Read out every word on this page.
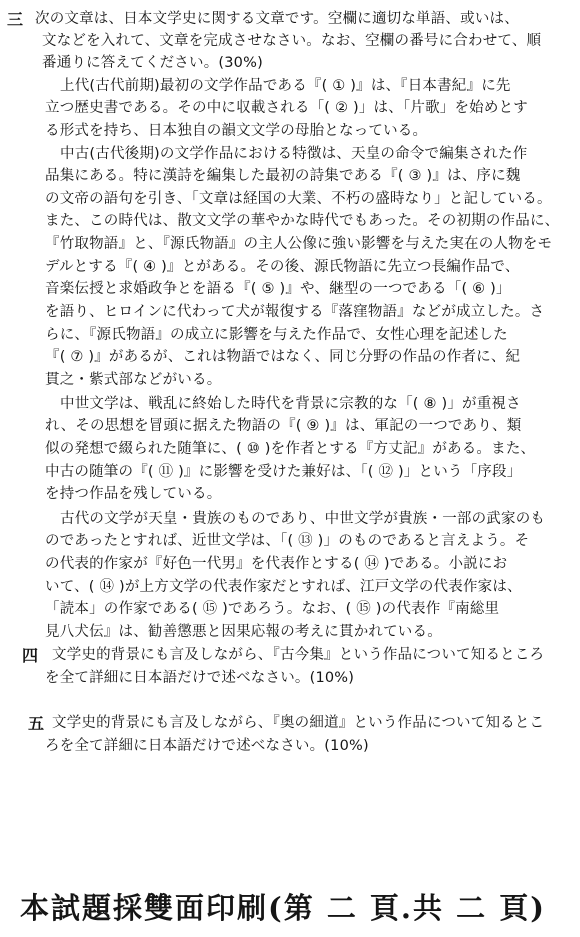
三 次の文章は、日本文学史に関する文章です。空欄に適切な単語、或いは、
文などを入れて、文章を完成させなさい。なお、空欄の番号に合わせて、順
番通りに答えてください。(30%)
上代(古代前期)最初の文学作品である『( ① )』は、『日本書紀』に先
立つ歴史書である。その中に収載される「( ② )」は、「片歌」を始めとす
る形式を持ち、日本独自の韻文文学の母胎となっている。
中古(古代後期)の文学作品における特徴は、天皇の命令で編集された作
品集にある。特に漢詩を編集した最初の詩集である『( ③ )』は、序に魏
の文帝の語句を引き、「文章は経国の大業、不朽の盛時なり」と記している。
また、この時代は、散文文学の華やかな時代でもあった。その初期の作品に、
『竹取物語』と、『源氏物語』の主人公像に強い影響を与えた実在の人物をモ
デルとする『( ④ )』とがある。その後、源氏物語に先立つ長編作品で、
音楽伝授と求婚政争とを語る『( ⑤ )』や、継型の一つである「( ⑥ )」
を語り、ヒロインに代わって犬が報復する『落窪物語』などが成立した。さ
らに、『源氏物語』の成立に影響を与えた作品で、女性心理を記述した
『( ⑦ )』があるが、これは物語ではなく、同じ分野の作品の作者に、紀
貫之・紫式部などがいる。
中世文学は、戦乱に終始した時代を背景に宗教的な「( ⑧ )」が重視さ
れ、その思想を冒頭に据えた物語の『( ⑨ )』は、軍記の一つであり、類
似の発想で綴られた随筆に、( ⑩ )を作者とする『方丈記』がある。また、
中古の随筆の『( ⑪ )』に影響を受けた兼好は、「( ⑫ )」という「序段」
を持つ作品を残している。
古代の文学が天皇・貴族のものであり、中世文学が貴族・一部の武家のも
のであったとすれば、近世文学は、「( ⑬ )」のものであると言えよう。そ
の代表的作家が『好色一代男』を代表作とする( ⑭ )である。小説にお
いて、( ⑭ )が上方文学の代表作家だとすれば、江戸文学の代表作家は、
「読本」の作家である( ⑮ )であろう。なお、( ⑮ )の代表作『南総里
見八犬伝』は、勧善懲悪と因果応報の考えに貫かれている。
四 文学史的背景にも言及しながら、『古今集』という作品について知るところ
を全て詳細に日本語だけで述べなさい。(10%)
五 文学史的背景にも言及しながら、『奥の細道』という作品について知るとこ
ろを全て詳細に日本語だけで述べなさい。(10%)
本試題採雙面印刷(第 二 頁.共 二 頁)
